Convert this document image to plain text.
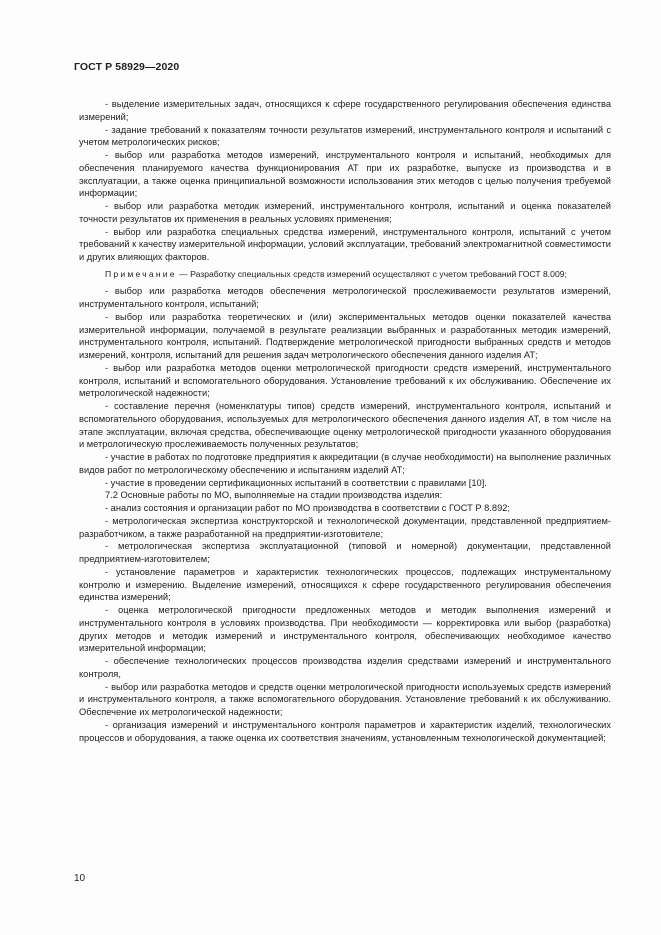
ГОСТ Р 58929—2020

- выделение измерительных задач, относящихся к сфере государственного регулирования обеспечения единства измерений;

- задание требований к показателям точности результатов измерений, инструментального контроля и испытаний с учетом метрологических рисков;

- выбор или разработка методов измерений, инструментального контроля и испытаний, необходимых для обеспечения планируемого качества функционирования АТ при их разработке, выпуске из производства и в эксплуатации, а также оценка принципиальной возможности использования этих методов с целью получения требуемой информации;

- выбор или разработка методик измерений, инструментального контроля, испытаний и оценка показателей точности результатов их применения в реальных условиях применения;

- выбор или разработка специальных средства измерений, инструментального контроля, испытаний с учетом требований к качеству измерительной информации, условий эксплуатации, требований электромагнитной совместимости и других влияющих факторов.

Примечание — Разработку специальных средств измерений осуществляют с учетом требований ГОСТ 8.009;

- выбор или разработка методов обеспечения метрологической прослеживаемости результатов измерений, инструментального контроля, испытаний;

- выбор или разработка теоретических и (или) экспериментальных методов оценки показателей качества измерительной информации, получаемой в результате реализации выбранных и разработанных методик измерений, инструментального контроля, испытаний. Подтверждение метрологической пригодности выбранных средств и методов измерений, контроля, испытаний для решения задач метрологического обеспечения данного изделия АТ;

- выбор или разработка методов оценки метрологической пригодности средств измерений, инструментального контроля, испытаний и вспомогательного оборудования. Установление требований к их обслуживанию. Обеспечение их метрологической надежности;

- составление перечня (номенклатуры типов) средств измерений, инструментального контроля, испытаний и вспомогательного оборудования, используемых для метрологического обеспечения данного изделия АТ, в том числе на этапе эксплуатации, включая средства, обеспечивающие оценку метрологической пригодности указанного оборудования и метрологическую прослеживаемость полученных результатов;

- участие в работах по подготовке предприятия к аккредитации (в случае необходимости) на выполнение различных видов работ по метрологическому обеспечению и испытаниям изделий АТ;

- участие в проведении сертификационных испытаний в соответствии с правилами [10].

7.2 Основные работы по МО, выполняемые на стадии производства изделия:

- анализ состояния и организации работ по МО производства в соответствии с ГОСТ Р 8.892;

- метрологическая экспертиза конструкторской и технологической документации, представленной предприятием-разработчиком, а также разработанной на предприятии-изготовителе;

- метрологическая экспертиза эксплуатационной (типовой и номерной) документации, представленной предприятием-изготовителем;

- установление параметров и характеристик технологических процессов, подлежащих инструментальному контролю и измерению. Выделение измерений, относящихся к сфере государственного регулирования обеспечения единства измерений;

- оценка метрологической пригодности предложенных методов и методик выполнения измерений и инструментального контроля в условиях производства. При необходимости — корректировка или выбор (разработка) других методов и методик измерений и инструментального контроля, обеспечивающих необходимое качество измерительной информации;

- обеспечение технологических процессов производства изделия средствами измерений и инструментального контроля,

- выбор или разработка методов и средств оценки метрологической пригодности используемых средств измерений и инструментального контроля, а также вспомогательного оборудования. Установление требований к их обслуживанию. Обеспечение их метрологической надежности;

- организация измерений и инструментального контроля параметров и характеристик изделий, технологических процессов и оборудования, а также оценка их соответствия значениям, установленным технологической документацией;

10
